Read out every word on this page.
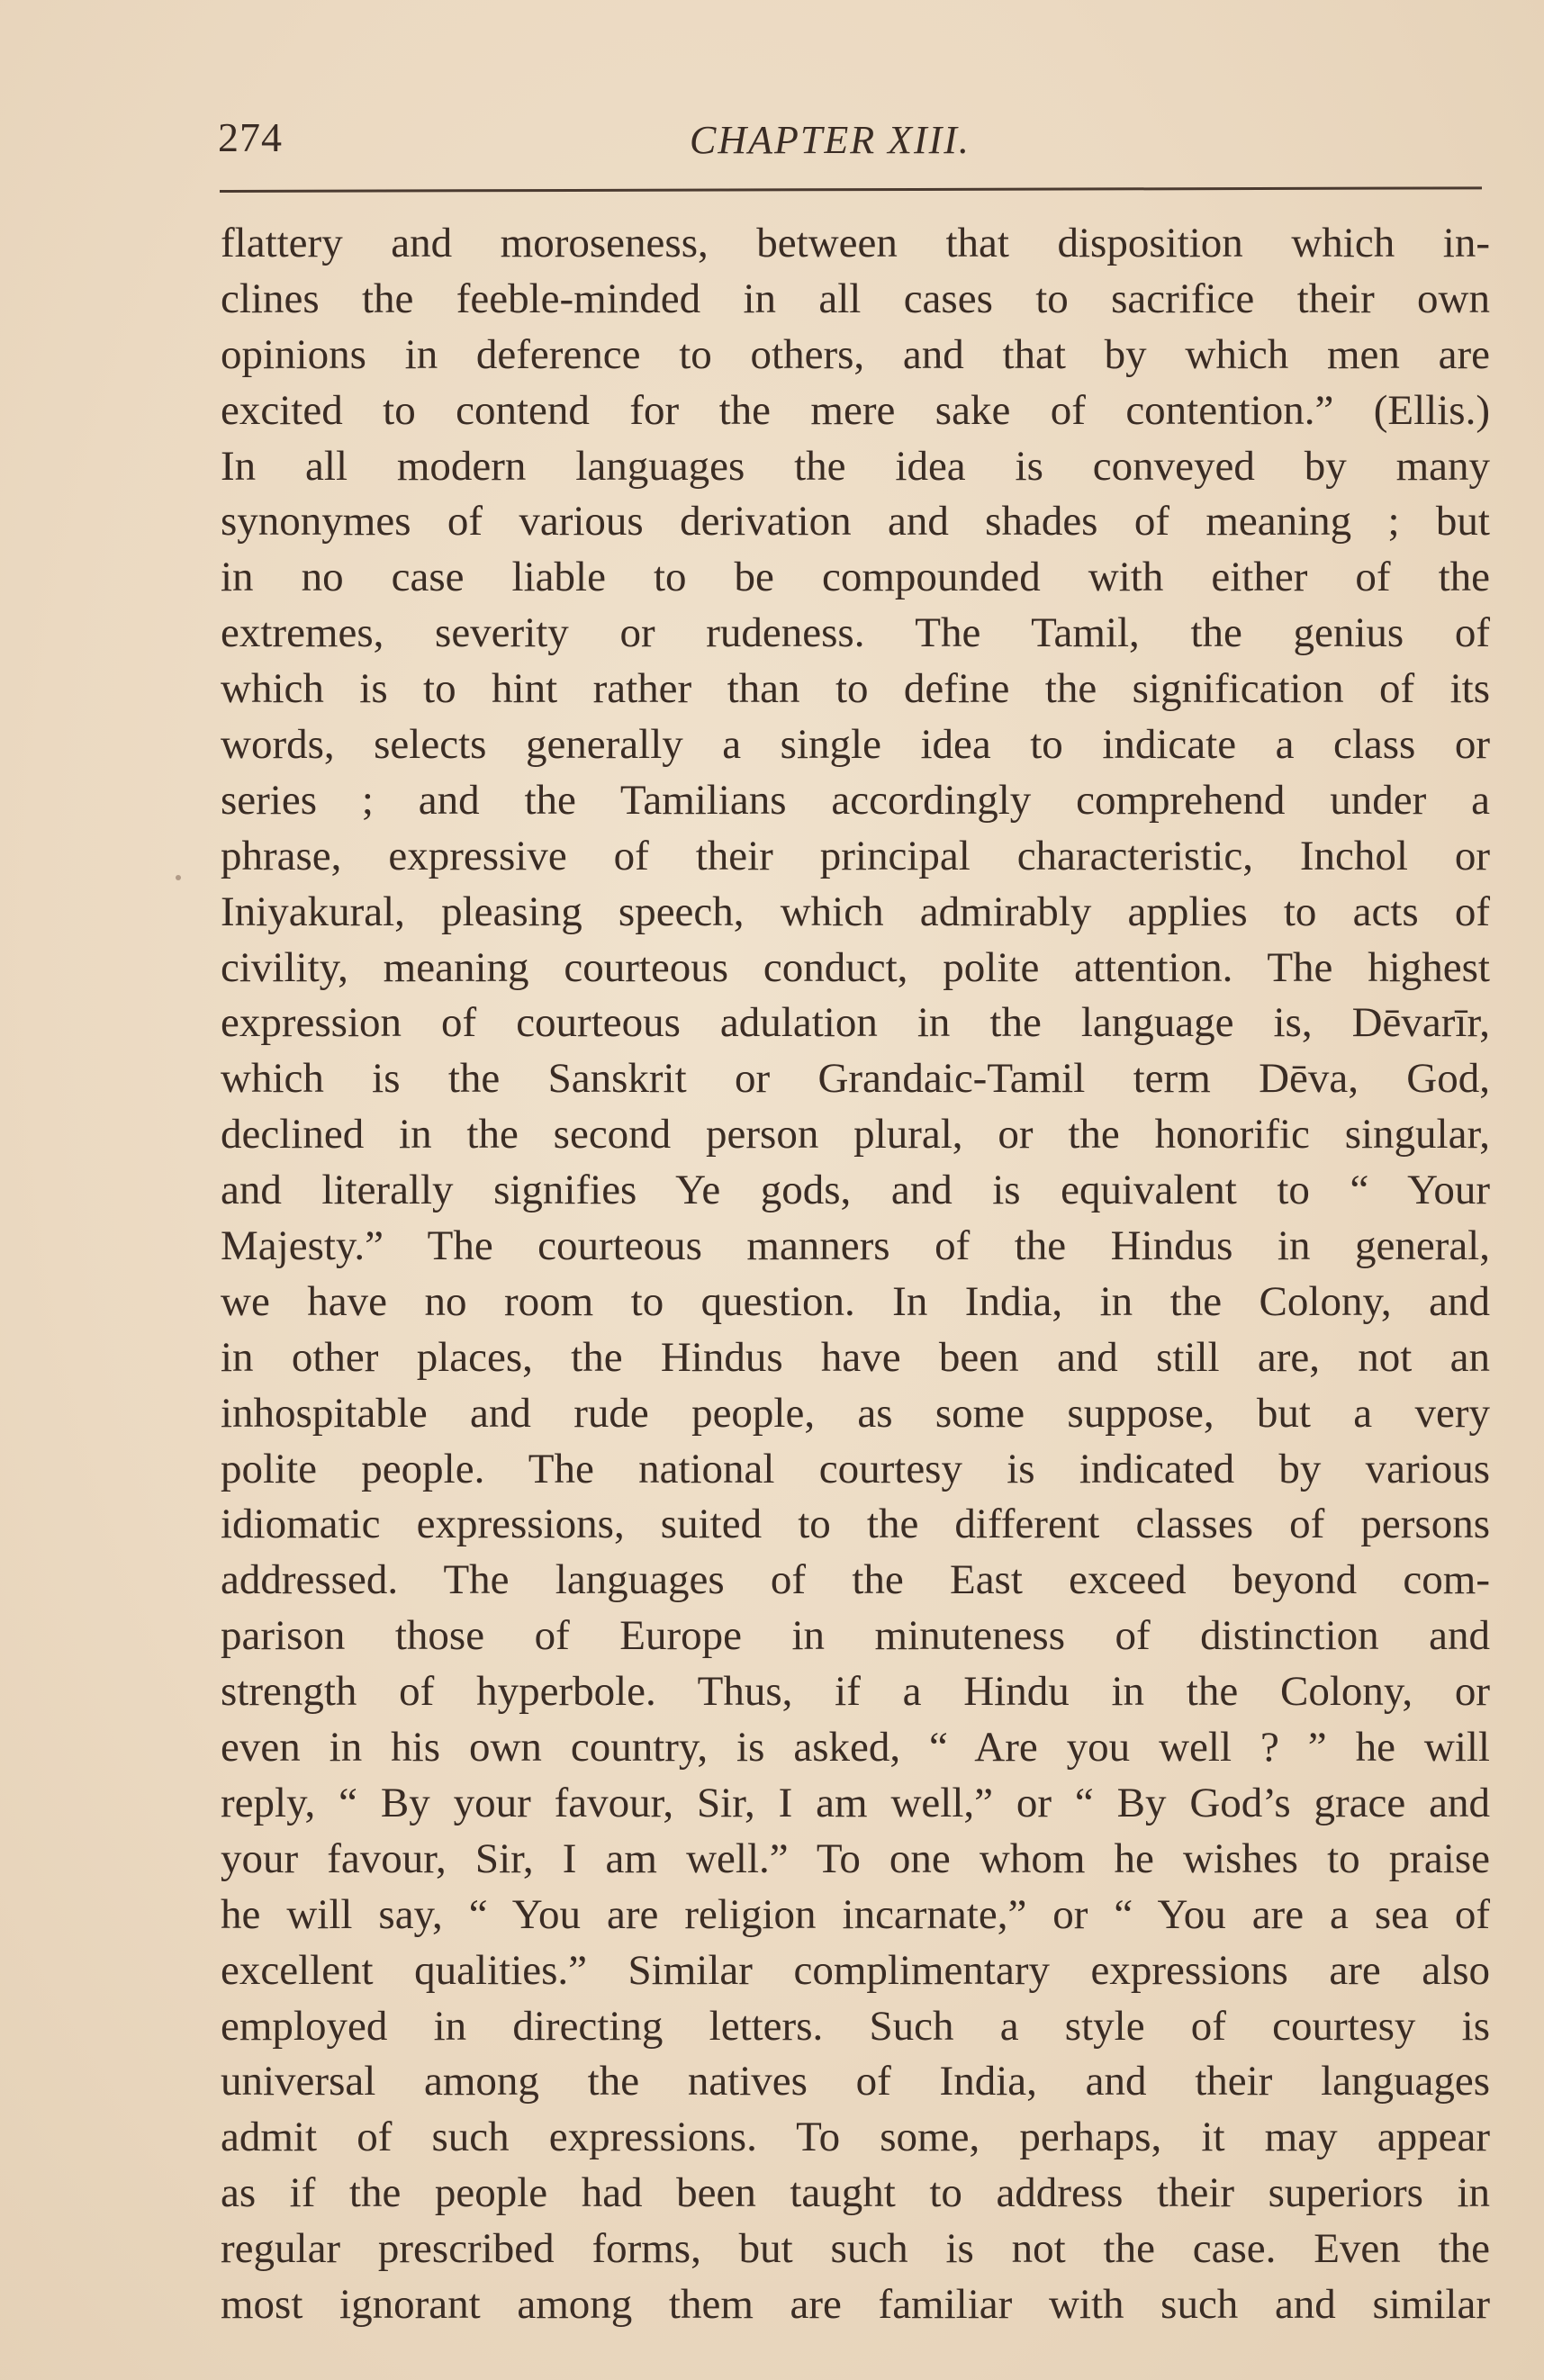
274	CHAPTER XIII.
flattery and moroseness, between that disposition which in-
clines the feeble-minded in all cases to sacrifice their own
opinions in deference to others, and that by which men are
excited to contend for the mere sake of contention.” (Ellis.)
In all modern languages the idea is conveyed by many
synonymes of various derivation and shades of meaning ; but
in no case liable to be compounded with either of the
extremes, severity or rudeness. The Tamil, the genius of
which is to hint rather than to define the signification of its
words, selects generally a single idea to indicate a class or
series ; and the Tamilians accordingly comprehend under a
phrase, expressive of their principal characteristic, Inchol or
Iniyakural, pleasing speech, which admirably applies to acts of
civility, meaning courteous conduct, polite attention. The highest
expression of courteous adulation in the language is, Dēvarīr,
which is the Sanskrit or Grandaic-Tamil term Dēva, God,
declined in the second person plural, or the honorific singular,
and literally signifies Ye gods, and is equivalent to “ Your
Majesty.” The courteous manners of the Hindus in general,
we have no room to question. In India, in the Colony, and
in other places, the Hindus have been and still are, not an
inhospitable and rude people, as some suppose, but a very
polite people. The national courtesy is indicated by various
idiomatic expressions, suited to the different classes of persons
addressed. The languages of the East exceed beyond com-
parison those of Europe in minuteness of distinction and
strength of hyperbole. Thus, if a Hindu in the Colony, or
even in his own country, is asked, “ Are you well ? ” he will
reply, “ By your favour, Sir, I am well,” or “ By God’s grace and
your favour, Sir, I am well.” To one whom he wishes to praise
he will say, “ You are religion incarnate,” or “ You are a sea of
excellent qualities.” Similar complimentary expressions are also
employed in directing letters. Such a style of courtesy is
universal among the natives of India, and their languages
admit of such expressions. To some, perhaps, it may appear
as if the people had been taught to address their superiors in
regular prescribed forms, but such is not the case. Even the
most ignorant among them are familiar with such and similar
